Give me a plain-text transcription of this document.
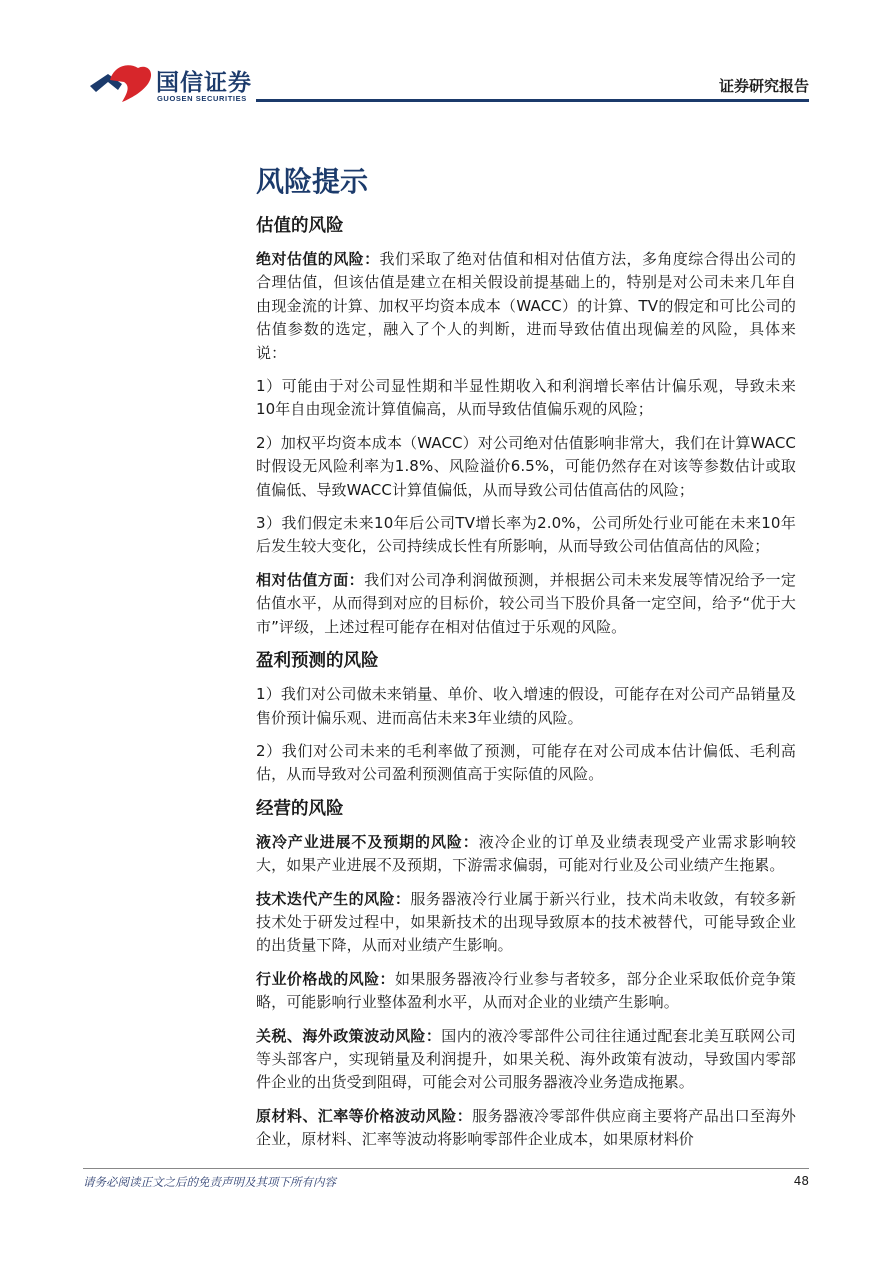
国信证券
GUOSEN SECURITIES
证券研究报告
风险提示
估值的风险

绝对估值的风险：我们采取了绝对估值和相对估值方法，多角度综合得出公司的合理估值，但该估值是建立在相关假设前提基础上的，特别是对公司未来几年自由现金流的计算、加权平均资本成本（WACC）的计算、TV的假定和可比公司的估值参数的选定，融入了个人的判断，进而导致估值出现偏差的风险，具体来说：

1）可能由于对公司显性期和半显性期收入和利润增长率估计偏乐观，导致未来10年自由现金流计算值偏高，从而导致估值偏乐观的风险；

2）加权平均资本成本（WACC）对公司绝对估值影响非常大，我们在计算WACC时假设无风险利率为1.8%、风险溢价6.5%，可能仍然存在对该等参数估计或取值偏低、导致WACC计算值偏低，从而导致公司估值高估的风险；

3）我们假定未来10年后公司TV增长率为2.0%，公司所处行业可能在未来10年后发生较大变化，公司持续成长性有所影响，从而导致公司估值高估的风险；

相对估值方面：我们对公司净利润做预测，并根据公司未来发展等情况给予一定估值水平，从而得到对应的目标价，较公司当下股价具备一定空间，给予“优于大市”评级，上述过程可能存在相对估值过于乐观的风险。

盈利预测的风险

1）我们对公司做未来销量、单价、收入增速的假设，可能存在对公司产品销量及售价预计偏乐观、进而高估未来3年业绩的风险。

2）我们对公司未来的毛利率做了预测，可能存在对公司成本估计偏低、毛利高估，从而导致对公司盈利预测值高于实际值的风险。

经营的风险

液冷产业进展不及预期的风险：液冷企业的订单及业绩表现受产业需求影响较大，如果产业进展不及预期，下游需求偏弱，可能对行业及公司业绩产生拖累。

技术迭代产生的风险：服务器液冷行业属于新兴行业，技术尚未收敛，有较多新技术处于研发过程中，如果新技术的出现导致原本的技术被替代，可能导致企业的出货量下降，从而对业绩产生影响。

行业价格战的风险：如果服务器液冷行业参与者较多，部分企业采取低价竞争策略，可能影响行业整体盈利水平，从而对企业的业绩产生影响。

关税、海外政策波动风险：国内的液冷零部件公司往往通过配套北美互联网公司等头部客户，实现销量及利润提升，如果关税、海外政策有波动，导致国内零部件企业的出货受到阻碍，可能会对公司服务器液冷业务造成拖累。

原材料、汇率等价格波动风险：服务器液冷零部件供应商主要将产品出口至海外企业，原材料、汇率等波动将影响零部件企业成本，如果原材料价

请务必阅读正文之后的免责声明及其项下所有内容	48
